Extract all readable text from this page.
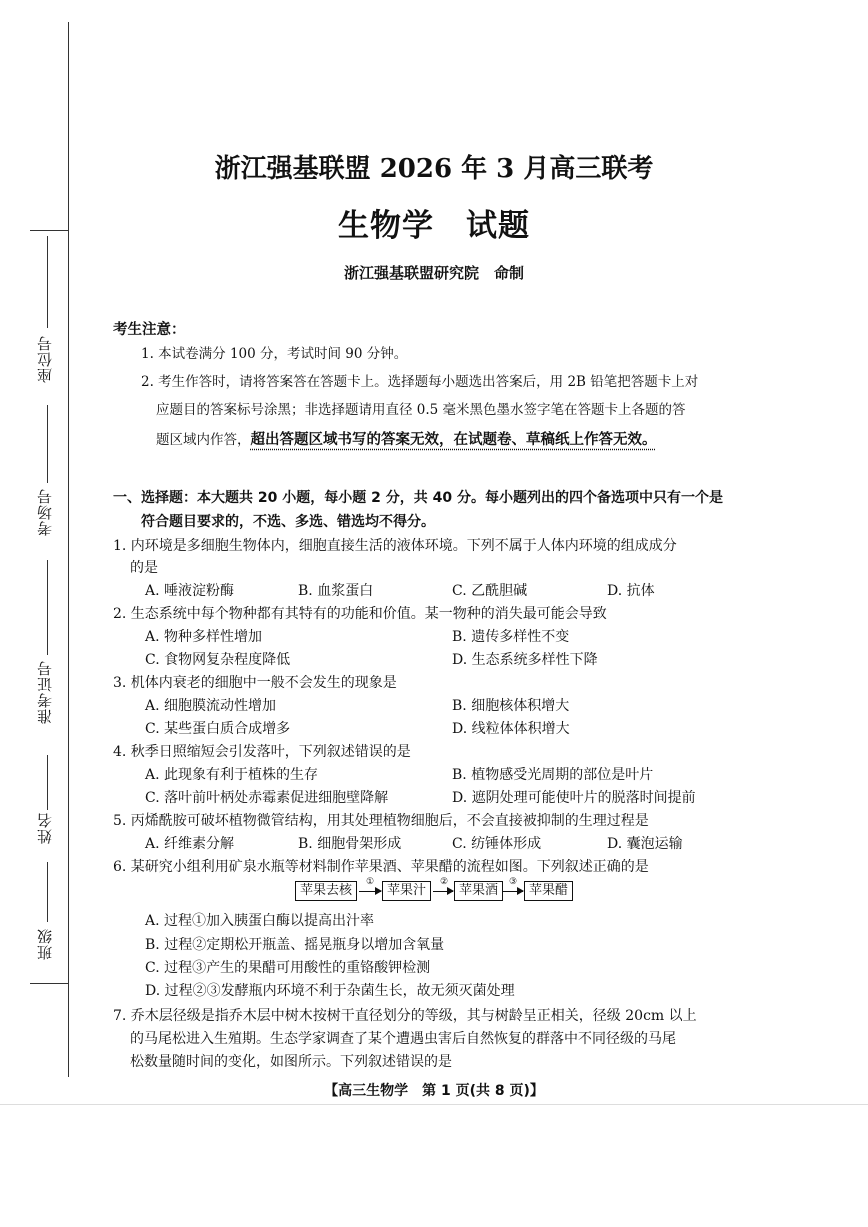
座位号
考场号
准考证号
姓名
班级
浙江强基联盟 2026 年 3 月高三联考
生物学　试题
浙江强基联盟研究院　命制
考生注意：
1. 本试卷满分 100 分，考试时间 90 分钟。
2. 考生作答时，请将答案答在答题卡上。选择题每小题选出答案后，用 2B 铅笔把答题卡上对
应题目的答案标号涂黑；非选择题请用直径 0.5 毫米黑色墨水签字笔在答题卡上各题的答
题区域内作答，超出答题区域书写的答案无效，在试题卷、草稿纸上作答无效。
一、选择题：本大题共 20 小题，每小题 2 分，共 40 分。每小题列出的四个备选项中只有一个是
符合题目要求的，不选、多选、错选均不得分。
1. 内环境是多细胞生物体内，细胞直接生活的液体环境。下列不属于人体内环境的组成成分
的是
A. 唾液淀粉酶	B. 血浆蛋白	C. 乙酰胆碱	D. 抗体
2. 生态系统中每个物种都有其特有的功能和价值。某一物种的消失最可能会导致
A. 物种多样性增加	B. 遗传多样性不变
C. 食物网复杂程度降低	D. 生态系统多样性下降
3. 机体内衰老的细胞中一般不会发生的现象是
A. 细胞膜流动性增加	B. 细胞核体积增大
C. 某些蛋白质合成增多	D. 线粒体体积增大
4. 秋季日照缩短会引发落叶，下列叙述错误的是
A. 此现象有利于植株的生存	B. 植物感受光周期的部位是叶片
C. 落叶前叶柄处赤霉素促进细胞壁降解	D. 遮阴处理可能使叶片的脱落时间提前
5. 丙烯酰胺可破坏植物微管结构，用其处理植物细胞后，不会直接被抑制的生理过程是
A. 纤维素分解	B. 细胞骨架形成	C. 纺锤体形成	D. 囊泡运输
6. 某研究小组利用矿泉水瓶等材料制作苹果酒、苹果醋的流程如图。下列叙述正确的是
苹果去核
①
苹果汁
②
苹果酒
③
苹果醋
A. 过程①加入胰蛋白酶以提高出汁率
B. 过程②定期松开瓶盖、摇晃瓶身以增加含氧量
C. 过程③产生的果醋可用酸性的重铬酸钾检测
D. 过程②③发酵瓶内环境不利于杂菌生长，故无须灭菌处理
7. 乔木层径级是指乔木层中树木按树干直径划分的等级，其与树龄呈正相关，径级 20cm 以上
的马尾松进入生殖期。生态学家调查了某个遭遇虫害后自然恢复的群落中不同径级的马尾
松数量随时间的变化，如图所示。下列叙述错误的是
【高三生物学　第 1 页(共 8 页)】
